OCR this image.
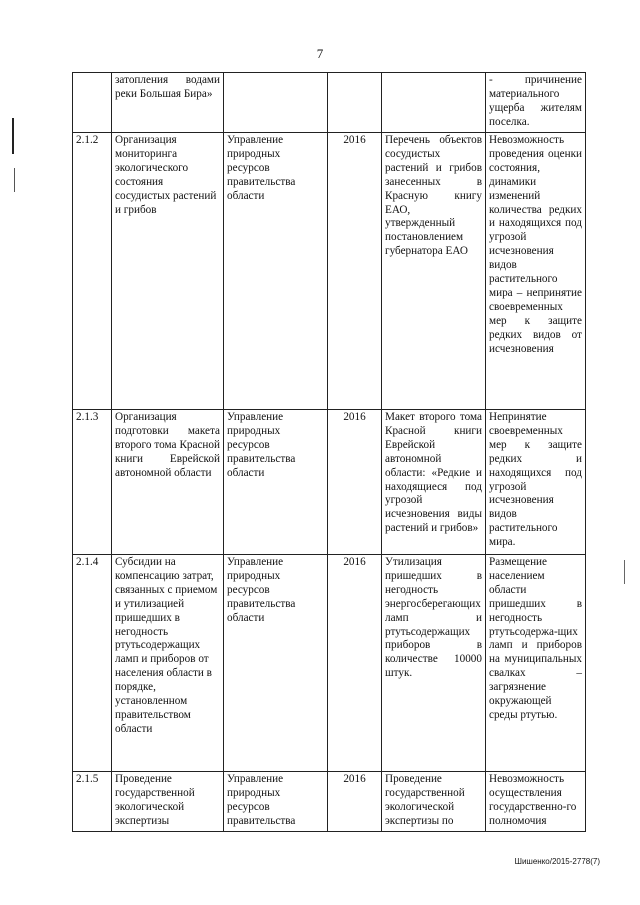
7
	затопления водами реки Большая Бира»				- причинение материального ущерба жителям поселка.
2.1.2	Организация мониторинга экологического состояния сосудистых растений и грибов	Управление природных ресурсов правительства области	2016	Перечень объектов сосудистых растений и грибов занесенных в Красную книгу ЕАО, утвержденный постановлением губернатора ЕАО	Невозможность проведения оценки состояния, динамики изменений количества редких и находящихся под угрозой исчезновения видов растительного мира – непринятие своевременных мер к защите редких видов от исчезновения
2.1.3	Организация подготовки макета второго тома Красной книги Еврейской автономной области	Управление природных ресурсов правительства области	2016	Макет второго тома Красной книги Еврейской автономной области: «Редкие и находящиеся под угрозой исчезновения виды растений и грибов»	Непринятие своевременных мер к защите редких и находящихся под угрозой исчезновения видов растительного мира.
2.1.4	Субсидии на компенсацию затрат, связанных с приемом и утилизацией пришедших в негодность ртутьсодержащих ламп и приборов от населения области в порядке, установленном правительством области	Управление природных ресурсов правительства области	2016	Утилизация пришедших в негодность энергосберегающих ламп и ртутьсодержащих приборов в количестве 10000 штук.	Размещение населением области пришедших в негодность ртутьсодержа-щих ламп и приборов на муниципальных свалках – загрязнение окружающей среды ртутью.
2.1.5	Проведение государственной экологической экспертизы	Управление природных ресурсов правительства	2016	Проведение государственной экологической экспертизы по	Невозможность осуществления государственно-го полномочия
Шишенко/2015-2778(7)
